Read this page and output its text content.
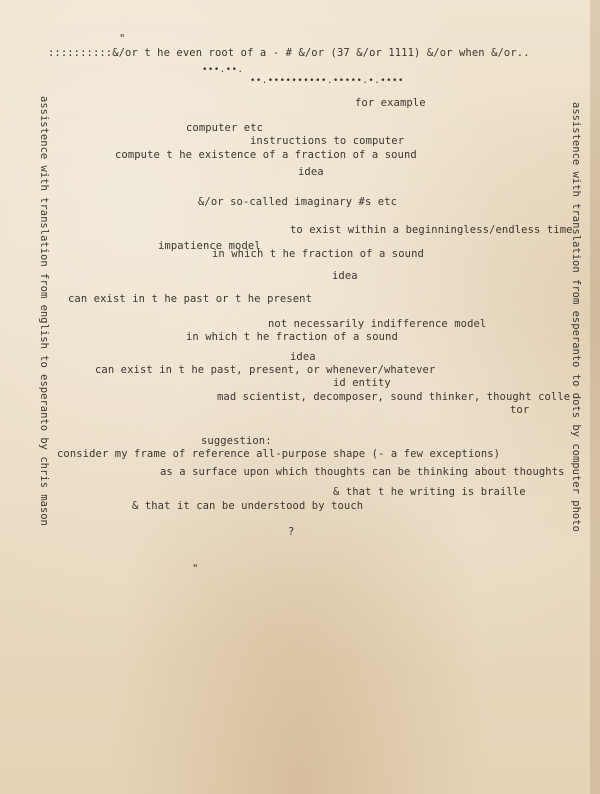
"
::::::::::&/or t he even root of a - # &/or (37 &/or 1111) &/or when &/or..
•••.••.
••.••••••••••.•••••.•.••••
for example
computer etc
instructions to computer
compute t he existence of a fraction of a sound
idea
&/or so-called imaginary #s etc
to exist within a beginningless/endless time
impatience model
in which t he fraction of a sound
idea
can exist in t he past or t he present
not necessarily indifference model
in which t he fraction of a sound
idea
can exist in t he past, present, or whenever/whatever
id entity
mad scientist, decomposer, sound thinker, thought colle
tor
suggestion:
consider my frame of reference all-purpose shape (- a few exceptions)
as a surface upon which thoughts can be thinking about thoughts
& that t he writing is braille
& that it can be understood by touch
?
"
assistence with translation from english to esperanto by chris mason	assistence with translation from esperanto to dots by computer photo
